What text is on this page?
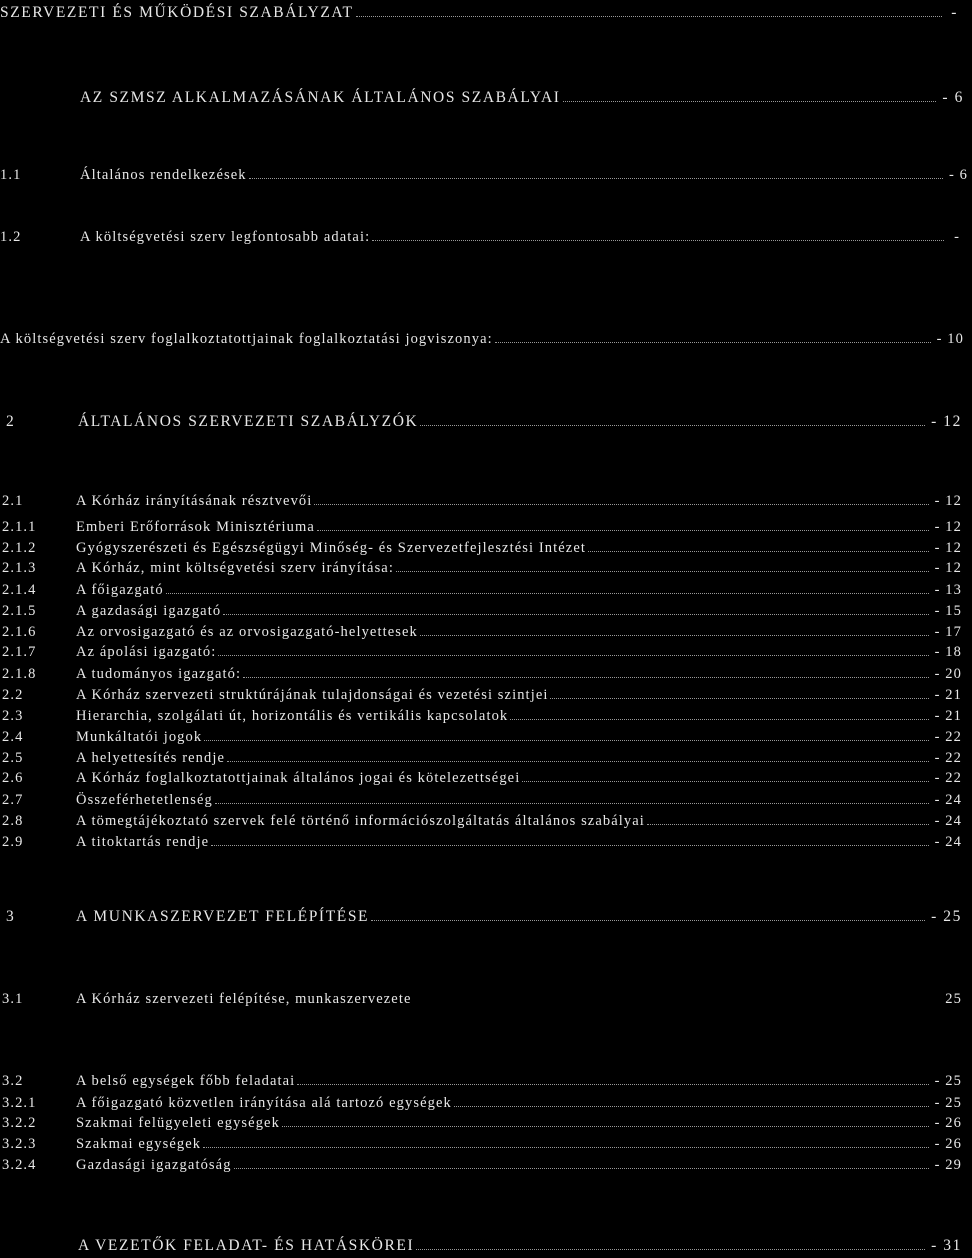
SZERVEZETI ÉS MŰKÖDÉSI SZABÁLYZAT	-
AZ SZMSZ ALKALMAZÁSÁNAK ÁLTALÁNOS SZABÁLYAI	- 6
1.1	Általános rendelkezések	- 6
1.2	A költségvetési szerv legfontosabb adatai:	-
A költségvetési szerv foglalkoztatottjainak foglalkoztatási jogviszonya:	- 10
2	ÁLTALÁNOS SZERVEZETI SZABÁLYZÓK	- 12
2.1	A Kórház irányításának résztvevői	- 12
2.1.1	Emberi Erőforrások Minisztériuma	- 12
2.1.2	Gyógyszerészeti és Egészségügyi Minőség- és Szervezetfejlesztési Intézet	- 12
2.1.3	A Kórház, mint költségvetési szerv irányítása:	- 12
2.1.4	A főigazgató	- 13
2.1.5	A gazdasági igazgató	- 15
2.1.6	Az orvosigazgató és az orvosigazgató-helyettesek	- 17
2.1.7	Az ápolási igazgató:	- 18
2.1.8	A tudományos igazgató:	- 20
2.2	A Kórház szervezeti struktúrájának tulajdonságai és vezetési szintjei	- 21
2.3	Hierarchia, szolgálati út, horizontális és vertikális kapcsolatok	- 21
2.4	Munkáltatói jogok	- 22
2.5	A helyettesítés rendje	- 22
2.6	A Kórház foglalkoztatottjainak általános jogai és kötelezettségei	- 22
2.7	Összeférhetetlenség	- 24
2.8	A tömegtájékoztató szervek felé történő információszolgáltatás általános szabályai	- 24
2.9	A titoktartás rendje	- 24
3	A MUNKASZERVEZET FELÉPÍTÉSE	- 25
3.1	A Kórház szervezeti felépítése, munkaszervezete	25
3.2	A belső egységek főbb feladatai	- 25
3.2.1	A főigazgató közvetlen irányítása alá tartozó egységek	- 25
3.2.2	Szakmai felügyeleti egységek	- 26
3.2.3	Szakmai egységek	- 26
3.2.4	Gazdasági igazgatóság	- 29
A VEZETŐK FELADAT- ÉS HATÁSKÖREI	- 31
